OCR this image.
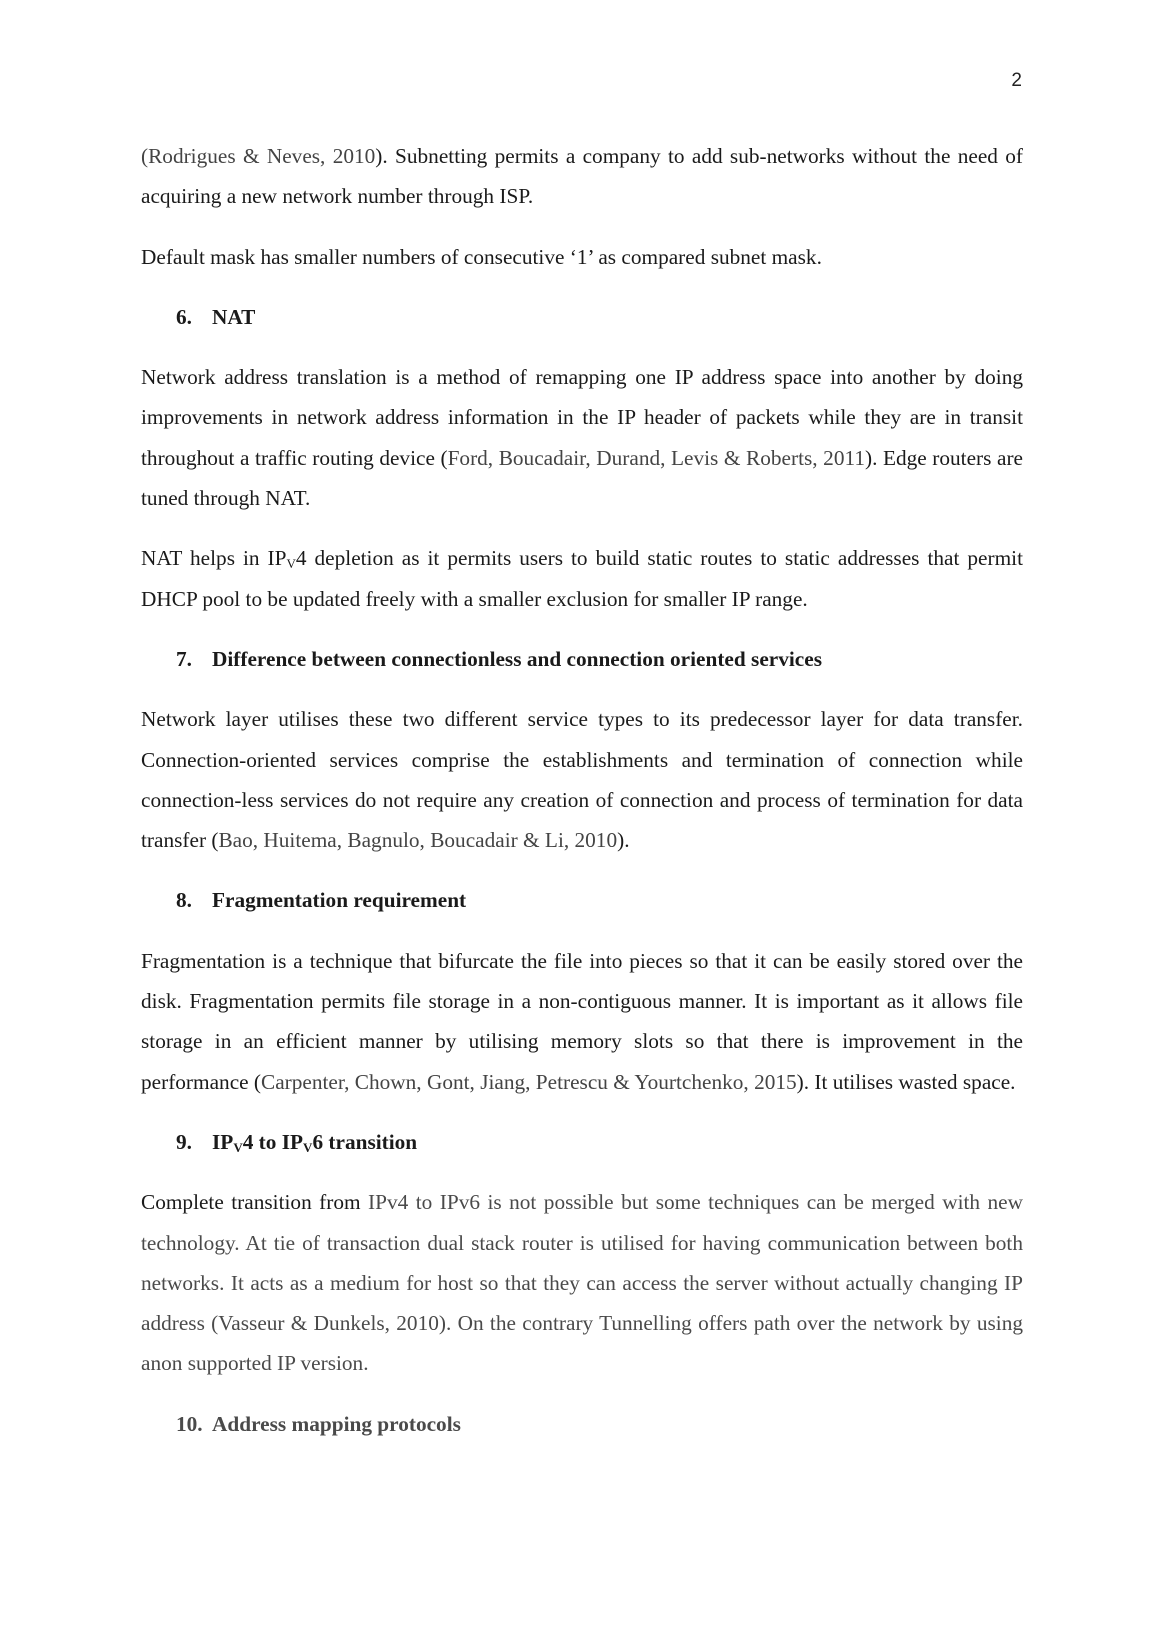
2

(Rodrigues & Neves, 2010). Subnetting permits a company to add sub-networks without the need of acquiring a new network number through ISP.

Default mask has smaller numbers of consecutive ‘1’ as compared subnet mask.

6. NAT

Network address translation is a method of remapping one IP address space into another by doing improvements in network address information in the IP header of packets while they are in transit throughout a traffic routing device (Ford, Boucadair, Durand, Levis & Roberts, 2011). Edge routers are tuned through NAT.

NAT helps in $IP_V4$ depletion as it permits users to build static routes to static addresses that permit DHCP pool to be updated freely with a smaller exclusion for smaller IP range.

7. Difference between connectionless and connection oriented services

Network layer utilises these two different service types to its predecessor layer for data transfer. Connection-oriented services comprise the establishments and termination of connection while connection-less services do not require any creation of connection and process of termination for data transfer (Bao, Huitema, Bagnulo, Boucadair & Li, 2010).

8. Fragmentation requirement

Fragmentation is a technique that bifurcate the file into pieces so that it can be easily stored over the disk. Fragmentation permits file storage in a non-contiguous manner. It is important as it allows file storage in an efficient manner by utilising memory slots so that there is improvement in the performance (Carpenter, Chown, Gont, Jiang, Petrescu & Yourtchenko, 2015). It utilises wasted space.

9. $IP_V4$ to $IP_V6$ transition

Complete transition from IPv4 to IPv6 is not possible but some techniques can be merged with new technology. At tie of transaction dual stack router is utilised for having communication between both networks. It acts as a medium for host so that they can access the server without actually changing IP address (Vasseur & Dunkels, 2010). On the contrary Tunnelling offers path over the network by using anon supported IP version.

10. Address mapping protocols
